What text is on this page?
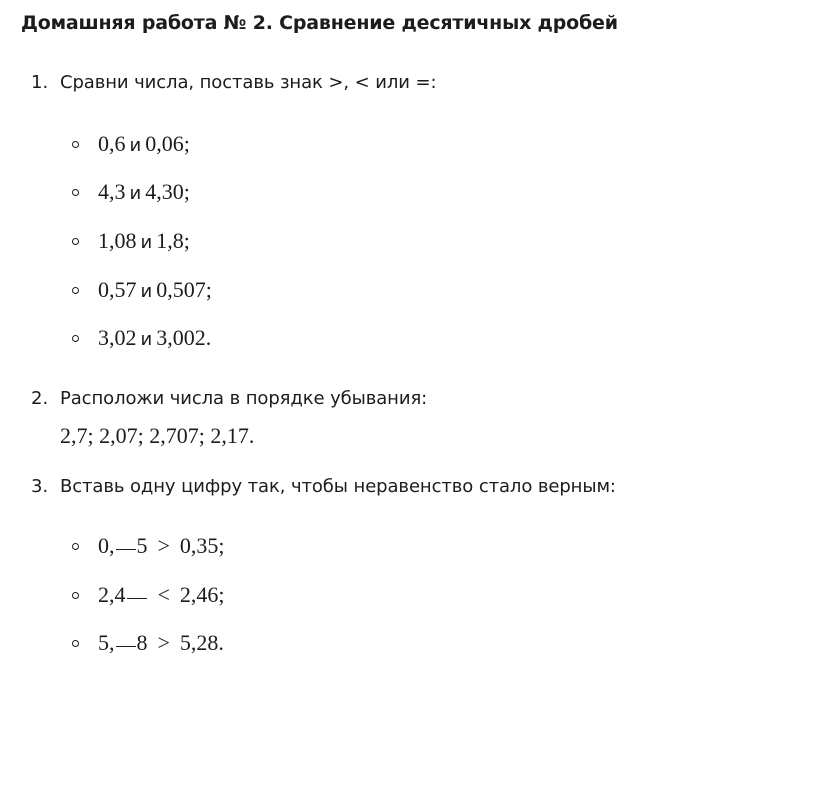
Домашняя работа № 2. Сравнение десятичных дробей
1. Сравни числа, поставь знак >, < или =:
0,6 и 0,06 ;
4,3 и 4,30 ;
1,08 и 1,8 ;
0,57 и 0,507 ;
3,02 и 3,002 .
2. Расположи числа в порядке убывания:
2,7; 2,07; 2,707; 2,17.
3. Вставь одну цифру так, чтобы неравенство стало верным:
0, 5 > 0,35 ;
2,4	< 2,46 ;
5, 8 > 5,28 .
